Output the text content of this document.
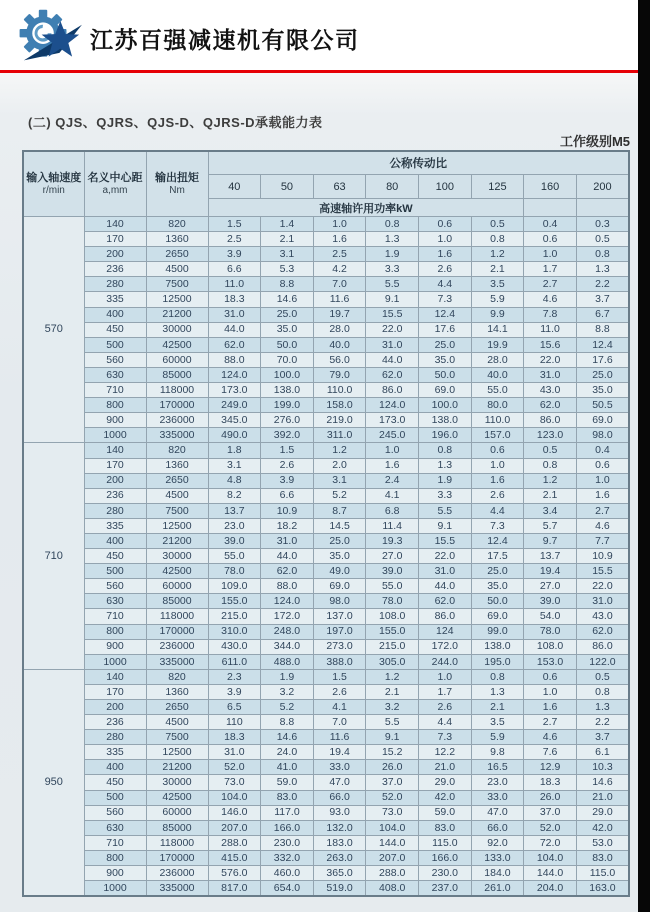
江苏百强减速机有限公司
(二) QJS、QJRS、QJS-D、QJRS-D承载能力表
工作级别M5
输入轴速度
r/min

名义中心距
a,mm

输出扭矩
Nm
	公称传动比
			40	50	63	80	100	125	160	200
			高速轴许用功率kW							
570	140	820	1.5	1.4	1.0	0.8	0.6	0.5	0.4	0.3
	170	1360	2.5	2.1	1.6	1.3	1.0	0.8	0.6	0.5
	200	2650	3.9	3.1	2.5	1.9	1.6	1.2	1.0	0.8
	236	4500	6.6	5.3	4.2	3.3	2.6	2.1	1.7	1.3
	280	7500	11.0	8.8	7.0	5.5	4.4	3.5	2.7	2.2
	335	12500	18.3	14.6	11.6	9.1	7.3	5.9	4.6	3.7
	400	21200	31.0	25.0	19.7	15.5	12.4	9.9	7.8	6.7
	450	30000	44.0	35.0	28.0	22.0	17.6	14.1	11.0	8.8
	500	42500	62.0	50.0	40.0	31.0	25.0	19.9	15.6	12.4
	560	60000	88.0	70.0	56.0	44.0	35.0	28.0	22.0	17.6
	630	85000	124.0	100.0	79.0	62.0	50.0	40.0	31.0	25.0
	710	118000	173.0	138.0	110.0	86.0	69.0	55.0	43.0	35.0
	800	170000	249.0	199.0	158.0	124.0	100.0	80.0	62.0	50.5
	900	236000	345.0	276.0	219.0	173.0	138.0	110.0	86.0	69.0
	1000	335000	490.0	392.0	311.0	245.0	196.0	157.0	123.0	98.0
710	140	820	1.8	1.5	1.2	1.0	0.8	0.6	0.5	0.4
	170	1360	3.1	2.6	2.0	1.6	1.3	1.0	0.8	0.6
	200	2650	4.8	3.9	3.1	2.4	1.9	1.6	1.2	1.0
	236	4500	8.2	6.6	5.2	4.1	3.3	2.6	2.1	1.6
	280	7500	13.7	10.9	8.7	6.8	5.5	4.4	3.4	2.7
	335	12500	23.0	18.2	14.5	11.4	9.1	7.3	5.7	4.6
	400	21200	39.0	31.0	25.0	19.3	15.5	12.4	9.7	7.7
	450	30000	55.0	44.0	35.0	27.0	22.0	17.5	13.7	10.9
	500	42500	78.0	62.0	49.0	39.0	31.0	25.0	19.4	15.5
	560	60000	109.0	88.0	69.0	55.0	44.0	35.0	27.0	22.0
	630	85000	155.0	124.0	98.0	78.0	62.0	50.0	39.0	31.0
	710	118000	215.0	172.0	137.0	108.0	86.0	69.0	54.0	43.0
	800	170000	310.0	248.0	197.0	155.0	124	99.0	78.0	62.0
	900	236000	430.0	344.0	273.0	215.0	172.0	138.0	108.0	86.0
	1000	335000	611.0	488.0	388.0	305.0	244.0	195.0	153.0	122.0
950	140	820	2.3	1.9	1.5	1.2	1.0	0.8	0.6	0.5
	170	1360	3.9	3.2	2.6	2.1	1.7	1.3	1.0	0.8
	200	2650	6.5	5.2	4.1	3.2	2.6	2.1	1.6	1.3
	236	4500	110	8.8	7.0	5.5	4.4	3.5	2.7	2.2
	280	7500	18.3	14.6	11.6	9.1	7.3	5.9	4.6	3.7
	335	12500	31.0	24.0	19.4	15.2	12.2	9.8	7.6	6.1
	400	21200	52.0	41.0	33.0	26.0	21.0	16.5	12.9	10.3
	450	30000	73.0	59.0	47.0	37.0	29.0	23.0	18.3	14.6
	500	42500	104.0	83.0	66.0	52.0	42.0	33.0	26.0	21.0
	560	60000	146.0	117.0	93.0	73.0	59.0	47.0	37.0	29.0
	630	85000	207.0	166.0	132.0	104.0	83.0	66.0	52.0	42.0
	710	118000	288.0	230.0	183.0	144.0	115.0	92.0	72.0	53.0
	800	170000	415.0	332.0	263.0	207.0	166.0	133.0	104.0	83.0
	900	236000	576.0	460.0	365.0	288.0	230.0	184.0	144.0	115.0
	1000	335000	817.0	654.0	519.0	408.0	237.0	261.0	204.0	163.0
